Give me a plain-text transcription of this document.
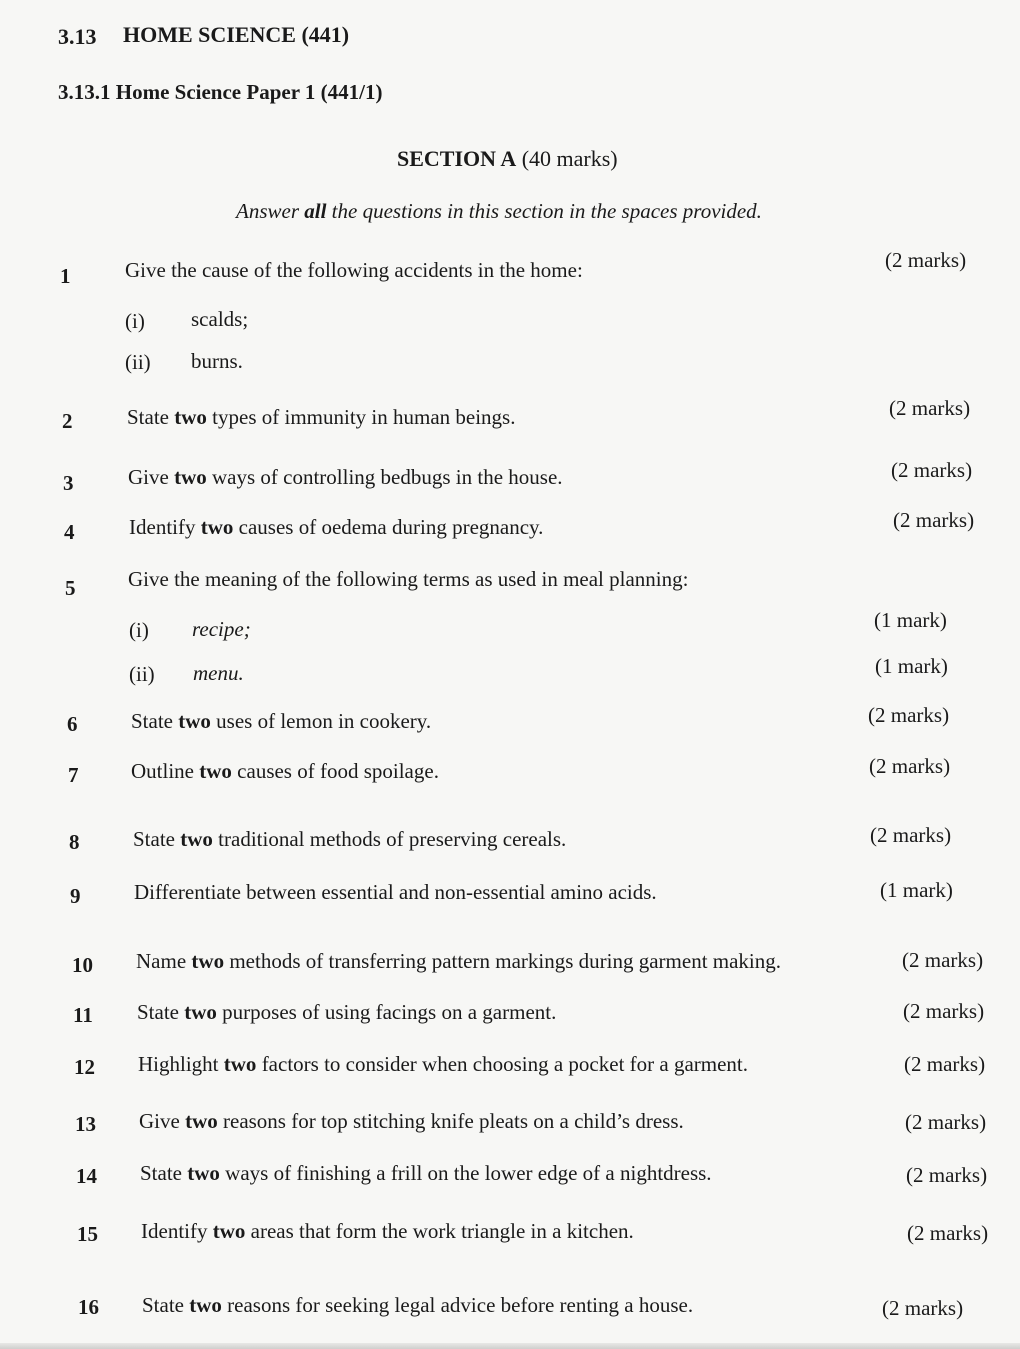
3.13 HOME SCIENCE (441)
3.13.1 Home Science Paper 1 (441/1)
SECTION A (40 marks)
Answer all the questions in this section in the spaces provided.
1	Give the cause of the following accidents in the home:	(2 marks)
(i) scalds;
(ii) burns.
2	State two types of immunity in human beings.	(2 marks)
3	Give two ways of controlling bedbugs in the house.	(2 marks)
4	Identify two causes of oedema during pregnancy.	(2 marks)
5	Give the meaning of the following terms as used in meal planning:
(i) recipe;	(1 mark)
(ii) menu.	(1 mark)
6	State two uses of lemon in cookery.	(2 marks)
7	Outline two causes of food spoilage.	(2 marks)
8	State two traditional methods of preserving cereals.	(2 marks)
9	Differentiate between essential and non-essential amino acids.	(1 mark)
10 Name two methods of transferring pattern markings during garment making.	(2 marks)
11 State two purposes of using facings on a garment.	(2 marks)
12 Highlight two factors to consider when choosing a pocket for a garment.	(2 marks)
13 Give two reasons for top stitching knife pleats on a child’s dress.	(2 marks)
14 State two ways of finishing a frill on the lower edge of a nightdress.	(2 marks)
15 Identify two areas that form the work triangle in a kitchen.	(2 marks)
16 State two reasons for seeking legal advice before renting a house.	(2 marks)
